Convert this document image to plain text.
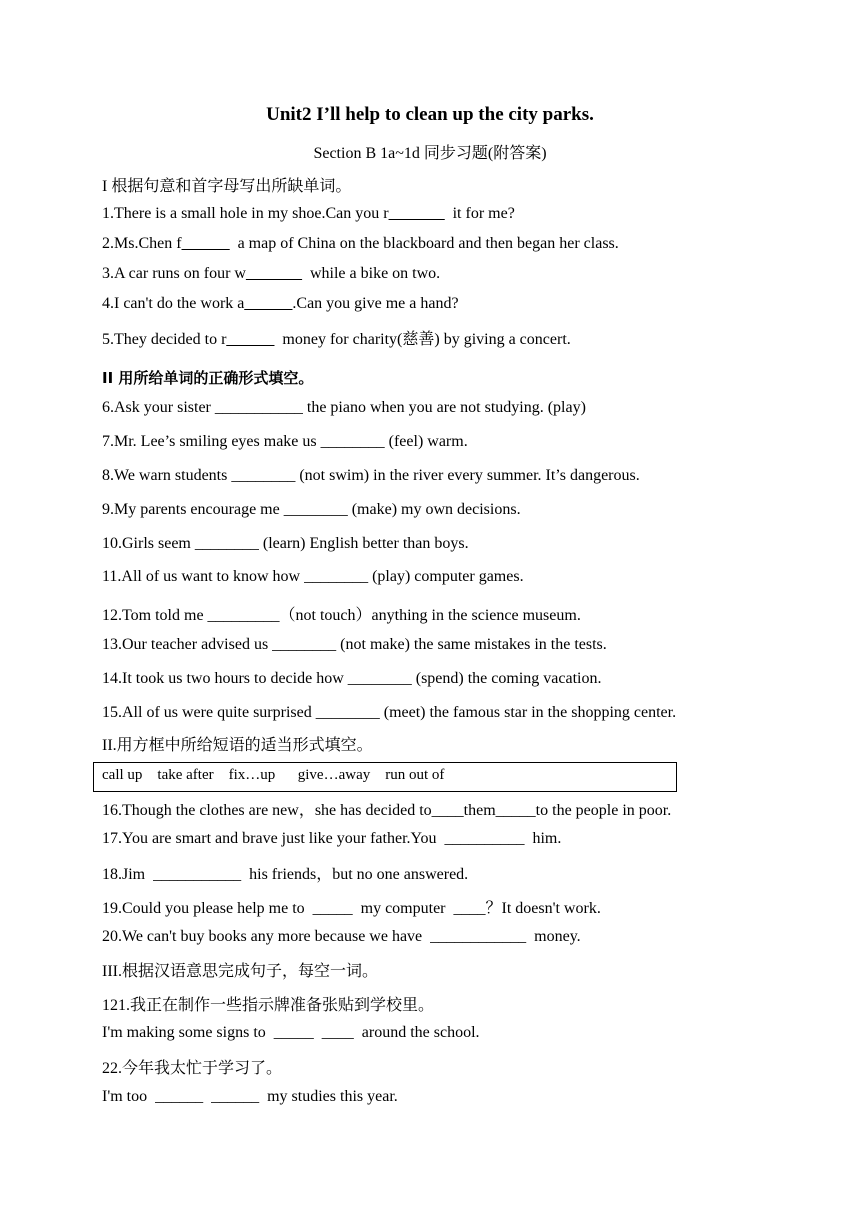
Unit2 I’ll help to clean up the city parks.
Section B 1a~1d 同步习题(附答案)
I 根据句意和首字母写出所缺单词。
1.There is a small hole in my shoe.Can you r_______  it for me?
2.Ms.Chen f______  a map of China on the blackboard and then began her class.
3.A car runs on four w_______  while a bike on two.
4.I can't do the work a______.Can you give me a hand?
5.They decided to r______  money for charity(慈善) by giving a concert.
II 用所给单词的正确形式填空。
6.Ask your sister ___________ the piano when you are not studying. (play)
7.Mr. Lee’s smiling eyes make us ________ (feel) warm.
8.We warn students ________ (not swim) in the river every summer. It’s dangerous.
9.My parents encourage me ________ (make) my own decisions.
10.Girls seem ________ (learn) English better than boys.
11.All of us want to know how ________ (play) computer games.
12.Tom told me _________（not touch）anything in the science museum.
13.Our teacher advised us ________ (not make) the same mistakes in the tests.
14.It took us two hours to decide how ________ (spend) the coming vacation.
15.All of us were quite surprised ________ (meet) the famous star in the shopping center.
II.用方框中所给短语的适当形式填空。
call up    take after    fix…up      give…away    run out of
16.Though the clothes are new，she has decided to____them_____to the people in poor.
17.You are smart and brave just like your father.You  __________  him.
18.Jim  ___________  his friends，but no one answered.
19.Could you please help me to  _____  my computer  ____？It doesn't work.
20.We can't buy books any more because we have  ____________  money.
III.根据汉语意思完成句子，每空一词。
121.我正在制作一些指示牌准备张贴到学校里。
I'm making some signs to  _____  ____  around the school.
22.今年我太忙于学习了。
I'm too  ______  ______  my studies this year.
